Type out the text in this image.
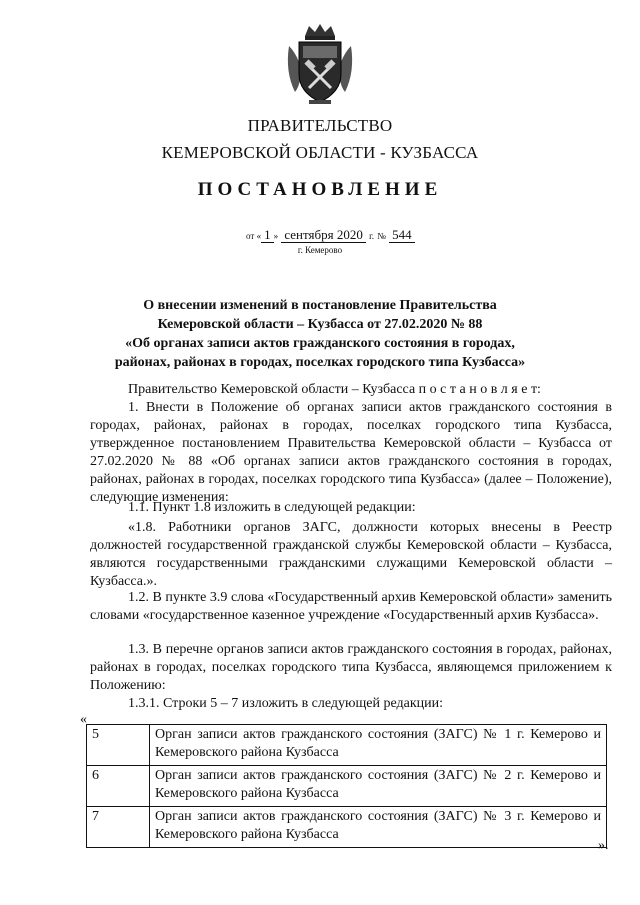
ПРАВИТЕЛЬСТВО
КЕМЕРОВСКОЙ ОБЛАСТИ - КУЗБАССА
ПОСТАНОВЛЕНИЕ
от « 1 » сентября 2020 г. № 544
г. Кемерово
О внесении изменений в постановление Правительства
Кемеровской области – Кузбасса от 27.02.2020 № 88
«Об органах записи актов гражданского состояния в городах,
районах, районах в городах, поселках городского типа Кузбасса»
Правительство Кемеровской области – Кузбасса п о с т а н о в л я е т:
1. Внести в Положение об органах записи актов гражданского состояния в городах, районах, районах в городах, поселках городского типа Кузбасса, утвержденное постановлением Правительства Кемеровской области – Кузбасса от 27.02.2020 № 88 «Об органах записи актов гражданского состояния в городах, районах, районах в городах, поселках городского типа Кузбасса» (далее – Положение), следующие изменения:
1.1. Пункт 1.8 изложить в следующей редакции:
«1.8. Работники органов ЗАГС, должности которых внесены в Реестр должностей государственной гражданской службы Кемеровской области – Кузбасса, являются государственными гражданскими служащими Кемеровской области – Кузбасса.».
1.2. В пункте 3.9 слова «Государственный архив Кемеровской области» заменить словами «государственное казенное учреждение «Государственный архив Кузбасса».
1.3. В перечне органов записи актов гражданского состояния в городах, районах, районах в городах, поселках городского типа Кузбасса, являющемся приложением к Положению:
1.3.1. Строки 5 – 7 изложить в следующей редакции:
«
5	Орган записи актов гражданского состояния (ЗАГС) № 1 г. Кемерово и Кемеровского района Кузбасса
6	Орган записи актов гражданского состояния (ЗАГС) № 2 г. Кемерово и Кемеровского района Кузбасса
7	Орган записи актов гражданского состояния (ЗАГС) № 3 г. Кемерово и Кемеровского района Кузбасса
».
